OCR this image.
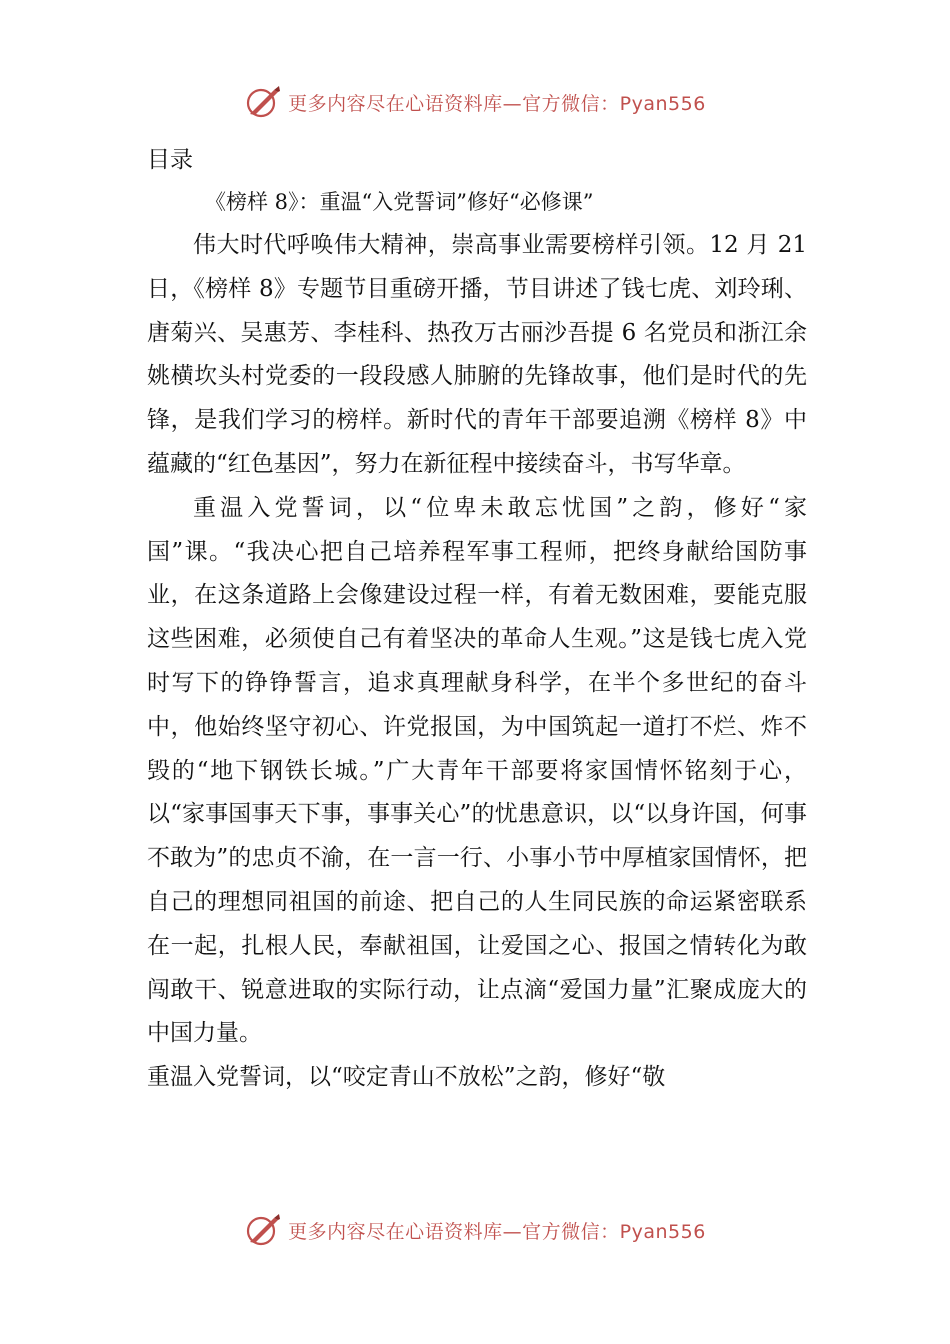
更多内容尽在心语资料库—官方微信：Pyan556
目录
《榜样 8》：重温“入党誓词”修好“必修课”

伟大时代呼唤伟大精神，崇高事业需要榜样引领。12 月 21 日，《榜样 8》专题节目重磅开播，节目讲述了钱七虎、刘玲琍、唐菊兴、吴惠芳、李桂科、热孜万古丽沙吾提 6 名党员和浙江余姚横坎头村党委的一段段感人肺腑的先锋故事，他们是时代的先锋，是我们学习的榜样。新时代的青年干部要追溯《榜样 8》中蕴藏的“红色基因”，努力在新征程中接续奋斗，书写华章。

重温入党誓词，以“位卑未敢忘忧国”之韵，修好“家国”课。“我决心把自己培养程军事工程师，把终身献给国防事业，在这条道路上会像建设过程一样，有着无数困难，要能克服这些困难，必须使自己有着坚决的革命人生观。”这是钱七虎入党时写下的铮铮誓言，追求真理献身科学，在半个多世纪的奋斗中，他始终坚守初心、许党报国，为中国筑起一道打不烂、炸不毁的“地下钢铁长城。”广大青年干部要将家国情怀铭刻于心，以“家事国事天下事，事事关心”的忧患意识，以“以身许国，何事不敢为”的忠贞不渝，在一言一行、小事小节中厚植家国情怀，把自己的理想同祖国的前途、把自己的人生同民族的命运紧密联系在一起，扎根人民，奉献祖国，让爱国之心、报国之情转化为敢闯敢干、锐意进取的实际行动，让点滴“爱国力量”汇聚成庞大的中国力量。

重温入党誓词，以“咬定青山不放松”之韵，修好“敬

更多内容尽在心语资料库—官方微信：Pyan556
